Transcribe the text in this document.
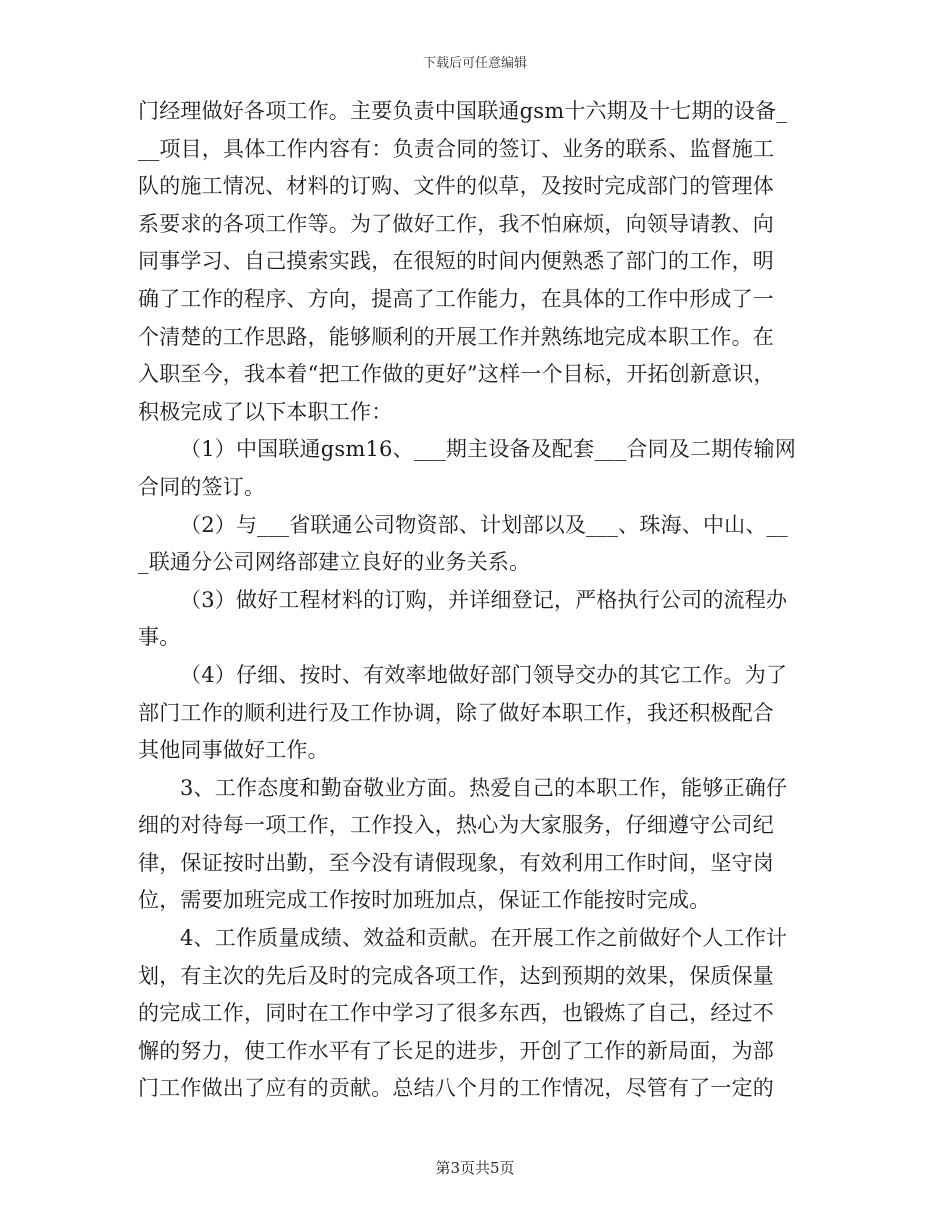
下载后可任意编辑
门经理做好各项工作。主要负责中国联通gsm十六期及十七期的设备_
__项目，具体工作内容有：负责合同的签订、业务的联系、监督施工
队的施工情况、材料的订购、文件的似草，及按时完成部门的管理体
系要求的各项工作等。为了做好工作，我不怕麻烦，向领导请教、向
同事学习、自己摸索实践，在很短的时间内便熟悉了部门的工作，明
确了工作的程序、方向，提高了工作能力，在具体的工作中形成了一
个清楚的工作思路，能够顺利的开展工作并熟练地完成本职工作。在
入职至今，我本着“把工作做的更好”这样一个目标，开拓创新意识，
积极完成了以下本职工作：
（1）中国联通gsm16、___期主设备及配套___合同及二期传输网
合同的签订。
（2）与___省联通公司物资部、计划部以及___、珠海、中山、__
_联通分公司网络部建立良好的业务关系。
（3）做好工程材料的订购，并详细登记，严格执行公司的流程办
事。
（4）仔细、按时、有效率地做好部门领导交办的其它工作。为了
部门工作的顺利进行及工作协调，除了做好本职工作，我还积极配合
其他同事做好工作。
3、工作态度和勤奋敬业方面。热爱自己的本职工作，能够正确仔
细的对待每一项工作，工作投入，热心为大家服务，仔细遵守公司纪
律，保证按时出勤，至今没有请假现象，有效利用工作时间，坚守岗
位，需要加班完成工作按时加班加点，保证工作能按时完成。
4、工作质量成绩、效益和贡献。在开展工作之前做好个人工作计
划，有主次的先后及时的完成各项工作，达到预期的效果，保质保量
的完成工作，同时在工作中学习了很多东西，也锻炼了自己，经过不
懈的努力，使工作水平有了长足的进步，开创了工作的新局面，为部
门工作做出了应有的贡献。总结八个月的工作情况，尽管有了一定的
第3页共5页
